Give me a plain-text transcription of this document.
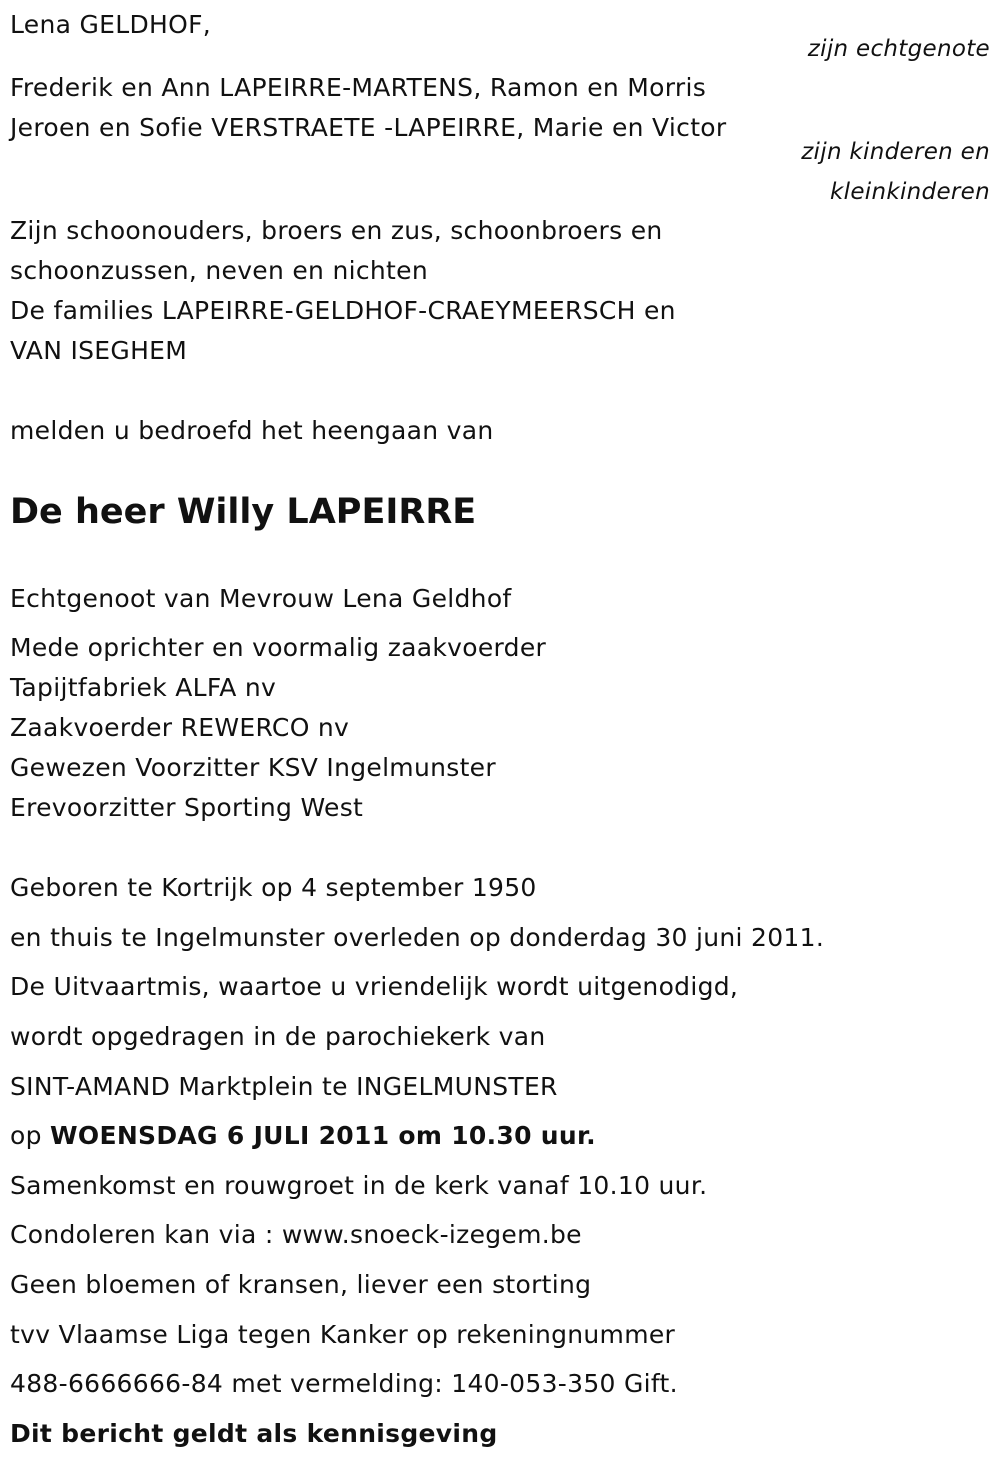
Lena GELDHOF,
zijn echtgenote
Frederik en Ann LAPEIRRE-MARTENS, Ramon en Morris
Jeroen en Sofie VERSTRAETE -LAPEIRRE, Marie en Victor
zijn kinderen en
kleinkinderen
Zijn schoonouders, broers en zus, schoonbroers en
schoonzussen, neven en nichten
De families LAPEIRRE-GELDHOF-CRAEYMEERSCH en
VAN ISEGHEM
melden u bedroefd het heengaan van
De heer Willy LAPEIRRE
Echtgenoot van Mevrouw Lena Geldhof
Mede oprichter en voormalig zaakvoerder
Tapijtfabriek ALFA nv
Zaakvoerder REWERCO nv
Gewezen Voorzitter KSV Ingelmunster
Erevoorzitter Sporting West
Geboren te Kortrijk op 4 september 1950
en thuis te Ingelmunster overleden op donderdag 30 juni 2011.
De Uitvaartmis, waartoe u vriendelijk wordt uitgenodigd,
wordt opgedragen in de parochiekerk van
SINT-AMAND Marktplein te INGELMUNSTER
op WOENSDAG 6 JULI 2011 om 10.30 uur.
Samenkomst en rouwgroet in de kerk vanaf 10.10 uur.
Condoleren kan via : www.snoeck-izegem.be
Geen bloemen of kransen, liever een storting
tvv Vlaamse Liga tegen Kanker op rekeningnummer
488-6666666-84 met vermelding: 140-053-350 Gift.
Dit bericht geldt als kennisgeving
